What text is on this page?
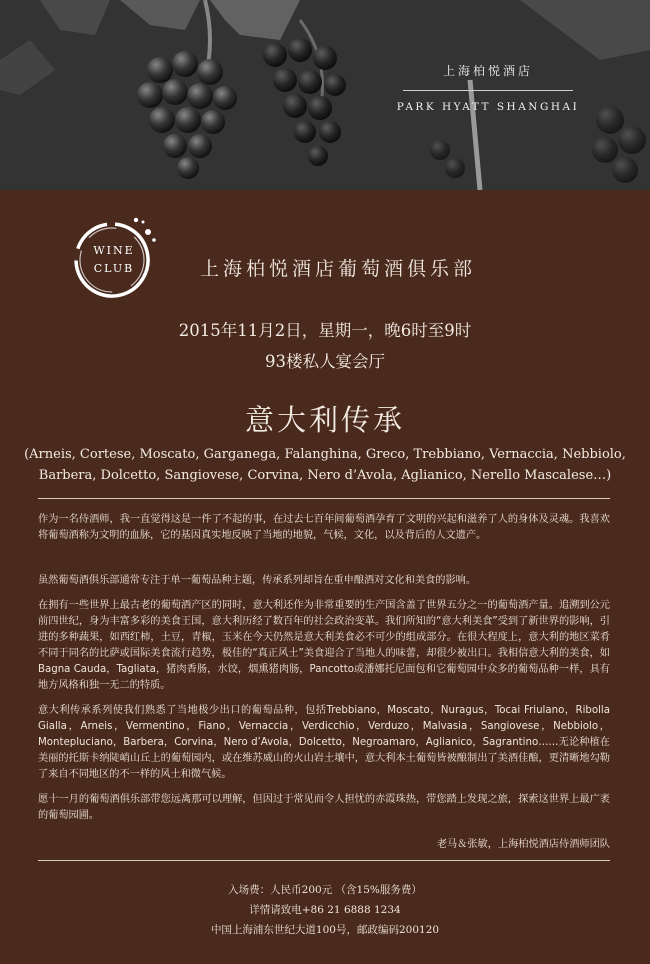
上海柏悦酒店
PARK HYATT SHANGHAI
WINE
CLUB	上海柏悦酒店葡萄酒俱乐部
2015年11月2日，星期一，晚6时至9时
93楼私人宴会厅
意大利传承
(Arneis, Cortese, Moscato, Garganega, Falanghina, Greco, Trebbiano, Vernaccia, Nebbiolo,
Barbera, Dolcetto, Sangiovese, Corvina, Nero d’Avola, Aglianico, Nerello Mascalese…)

作为一名侍酒师，我一直觉得这是一件了不起的事，在过去七百年间葡萄酒孕育了文明的兴起和滋养了人的身体及灵魂。我喜欢将葡萄酒称为文明的血脉，它的基因真实地反映了当地的地貌，气候，文化，以及背后的人文遗产。

虽然葡萄酒俱乐部通常专注于单一葡萄品种主题，传承系列却旨在重申酿酒对文化和美食的影响。

在拥有一些世界上最古老的葡萄酒产区的同时，意大利还作为非常重要的生产国含盖了世界五分之一的葡萄酒产量。追溯到公元前四世纪，身为丰富多彩的美食王国，意大利历经了数百年的社会政治变革。我们所知的“意大利美食”受到了新世界的影响，引进的多种蔬果，如西红柿，土豆，青椒，玉米在今天仍然是意大利美食必不可少的组成部分。在很大程度上，意大利的地区菜肴不同于同名的比萨或国际美食流行趋势，极佳的“真正风土”美食迎合了当地人的味蕾，却很少被出口。我相信意大利的美食，如Bagna Cauda，Tagliata，猪肉香肠，水饺，烟熏猪肉肠，Pancotto或潘娜托尼面包和它葡萄园中众多的葡萄品种一样，具有地方风格和独一无二的特质。

意大利传承系列使我们熟悉了当地极少出口的葡萄品种，包括Trebbiano，Moscato，Nuragus，Tocai Friulano，Ribolla Gialla，Arneis，Vermentino，Fiano，Vernaccia，Verdicchio，Verduzo，Malvasia，Sangiovese，Nebbiolo，Montepluciano，Barbera，Corvina，Nero d’Avola，Dolcetto，Negroamaro，Aglianico，Sagrantino……无论种植在美丽的托斯卡纳陡峭山丘上的葡萄园内，或在维苏威山的火山岩土壤中，意大利本土葡萄皆被酿制出了美酒佳酿，更清晰地勾勒了来自不同地区的不一样的风土和微气候。

愿十一月的葡萄酒俱乐部带您远离那可以理解，但因过于常见而令人担忧的赤霞珠热，带您踏上发现之旅，探索这世界上最广袤的葡萄园圃。

老马＆张敏，上海柏悦酒店侍酒师团队
入场费：人民币200元 （含15%服务费）
详情请致电+86 21 6888 1234
中国上海浦东世纪大道100号，邮政编码200120
